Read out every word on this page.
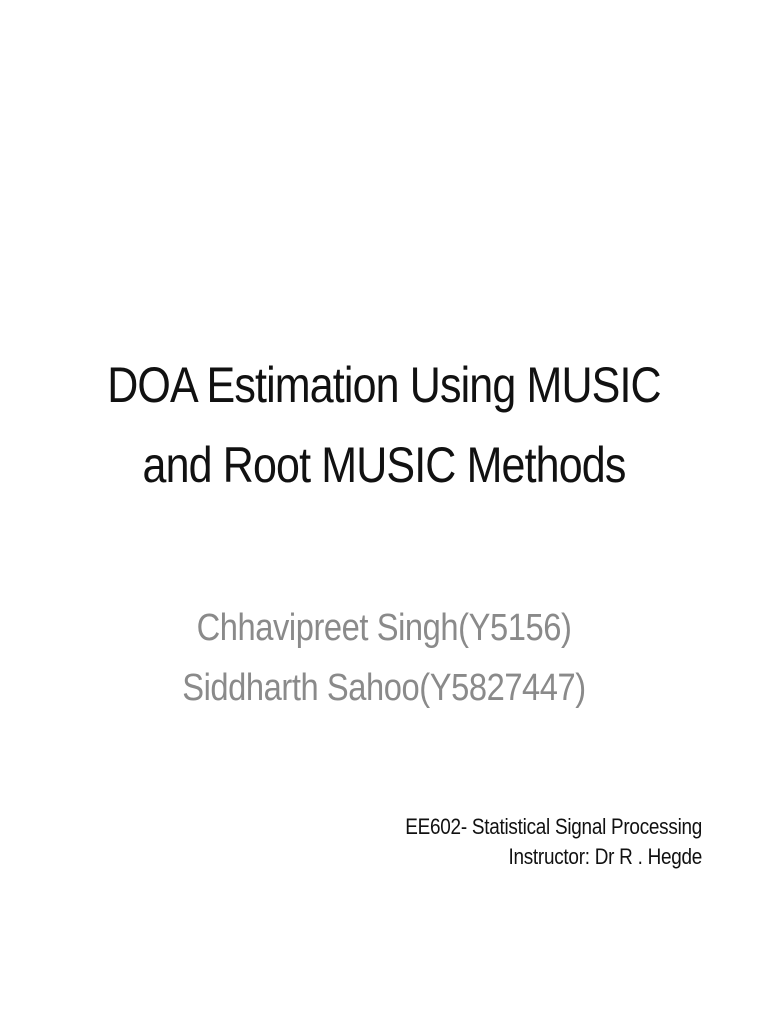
DOA Estimation Using MUSIC
and Root MUSIC Methods
Chhavipreet Singh(Y5156)
Siddharth Sahoo(Y5827447)
EE602- Statistical Signal Processing
Instructor: Dr R . Hegde
